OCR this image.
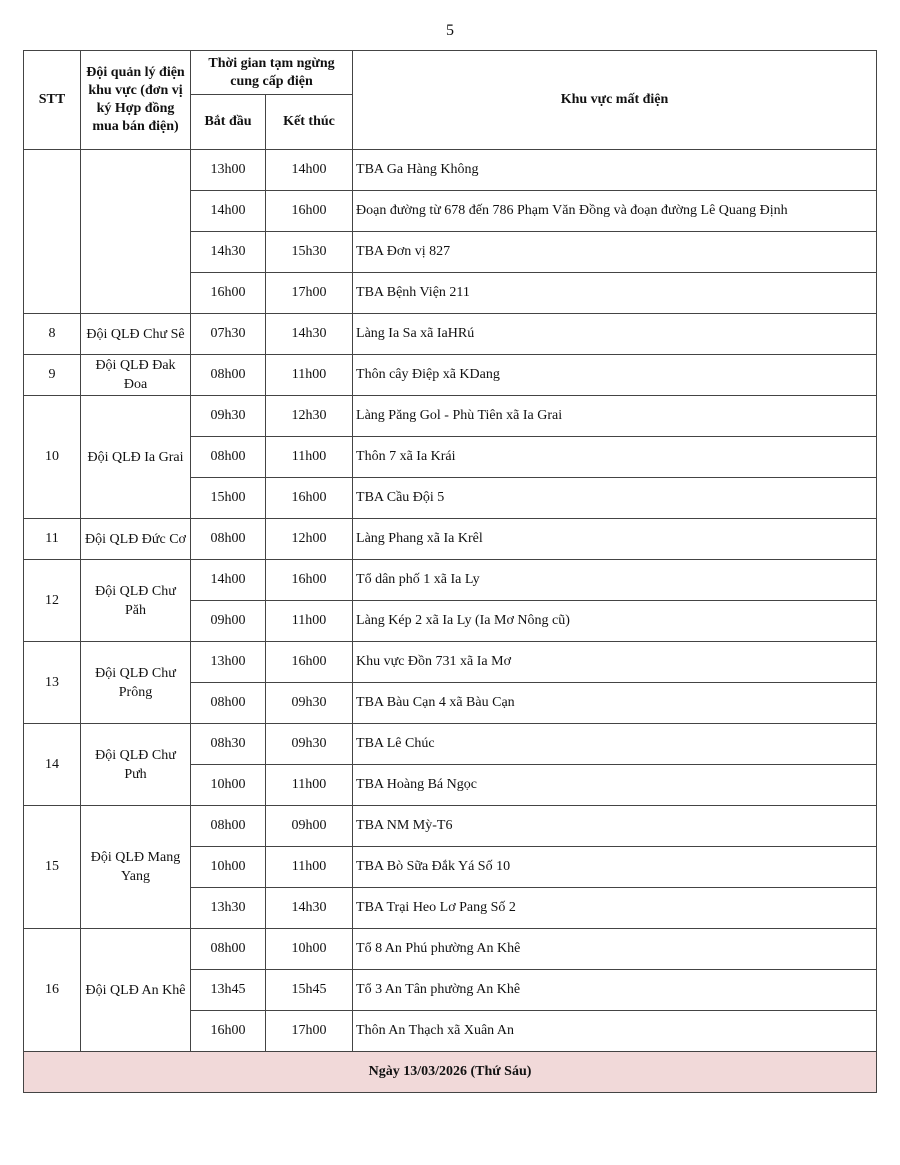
5
STT	Đội quản lý điện khu vực (đơn vị ký Hợp đồng mua bán điện)	Thời gian tạm ngừng cung cấp điện		Khu vực mất điện
		Bắt đầu	Kết thúc	
		13h00	14h00	TBA Ga Hàng Không
		14h00	16h00	Đoạn đường từ 678 đến 786 Phạm Văn Đồng và đoạn đường Lê Quang Định
		14h30	15h30	TBA Đơn vị 827
		16h00	17h00	TBA Bệnh Viện 211
8	Đội QLĐ Chư Sê	07h30	14h30	Làng Ia Sa xã IaHRú
9	Đội QLĐ Đak Đoa	08h00	11h00	Thôn cây Điệp xã KDang
10	Đội QLĐ Ia Grai	09h30	12h30	Làng Păng Gol - Phù Tiên xã Ia Grai
		08h00	11h00	Thôn 7 xã Ia Krái
		15h00	16h00	TBA Cầu Đội 5
11	Đội QLĐ Đức Cơ	08h00	12h00	Làng Phang xã Ia Krêl
12	Đội QLĐ Chư Păh	14h00	16h00	Tổ dân phố 1 xã Ia Ly
		09h00	11h00	Làng Kép 2 xã Ia Ly (Ia Mơ Nông cũ)
13	Đội QLĐ Chư Prông	13h00	16h00	Khu vực Đồn 731 xã Ia Mơ
		08h00	09h30	TBA Bàu Cạn 4 xã Bàu Cạn
14	Đội QLĐ Chư Pưh	08h30	09h30	TBA Lê Chúc
		10h00	11h00	TBA Hoàng Bá Ngọc
15	Đội QLĐ Mang Yang	08h00	09h00	TBA NM Mỳ-T6
		10h00	11h00	TBA Bò Sữa Đắk Yá Số 10
		13h30	14h30	TBA Trại Heo Lơ Pang Số 2
16	Đội QLĐ An Khê	08h00	10h00	Tổ 8 An Phú phường An Khê
		13h45	15h45	Tổ 3 An Tân phường An Khê
		16h00	17h00	Thôn An Thạch xã Xuân An
Ngày 13/03/2026 (Thứ Sáu)				
